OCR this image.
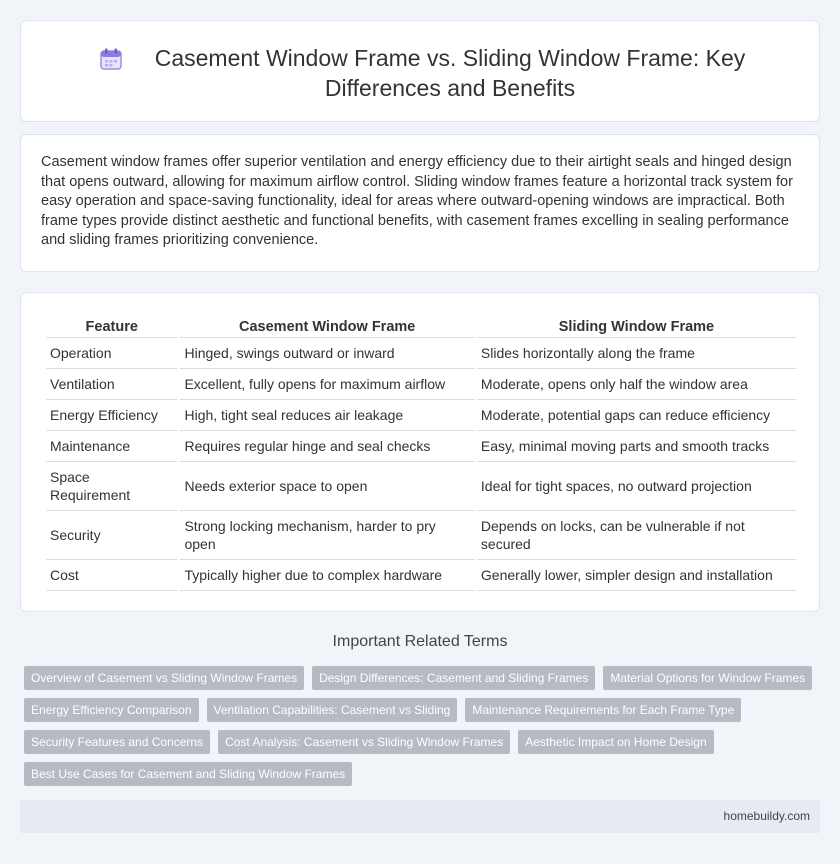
Casement Window Frame vs. Sliding Window Frame: Key Differences and Benefits

Casement window frames offer superior ventilation and energy efficiency due to their airtight seals and hinged design that opens outward, allowing for maximum airflow control. Sliding window frames feature a horizontal track system for easy operation and space-saving functionality, ideal for areas where outward-opening windows are impractical. Both frame types provide distinct aesthetic and functional benefits, with casement frames excelling in sealing performance and sliding frames prioritizing convenience.

Feature	Casement Window Frame	Sliding Window Frame
Operation	Hinged, swings outward or inward	Slides horizontally along the frame
Ventilation	Excellent, fully opens for maximum airflow	Moderate, opens only half the window area
Energy Efficiency	High, tight seal reduces air leakage	Moderate, potential gaps can reduce efficiency
Maintenance	Requires regular hinge and seal checks	Easy, minimal moving parts and smooth tracks
Space Requirement	Needs exterior space to open	Ideal for tight spaces, no outward projection
Security	Strong locking mechanism, harder to pry open	Depends on locks, can be vulnerable if not secured
Cost	Typically higher due to complex hardware	Generally lower, simpler design and installation
Important Related Terms
Overview of Casement vs Sliding Window Frames	Design Differences: Casement and Sliding Frames	Material Options for Window Frames
Energy Efficiency Comparison	Ventilation Capabilities: Casement vs Sliding	Maintenance Requirements for Each Frame Type
Security Features and Concerns	Cost Analysis: Casement vs Sliding Window Frames	Aesthetic Impact on Home Design
Best Use Cases for Casement and Sliding Window Frames
homebuildy.com
